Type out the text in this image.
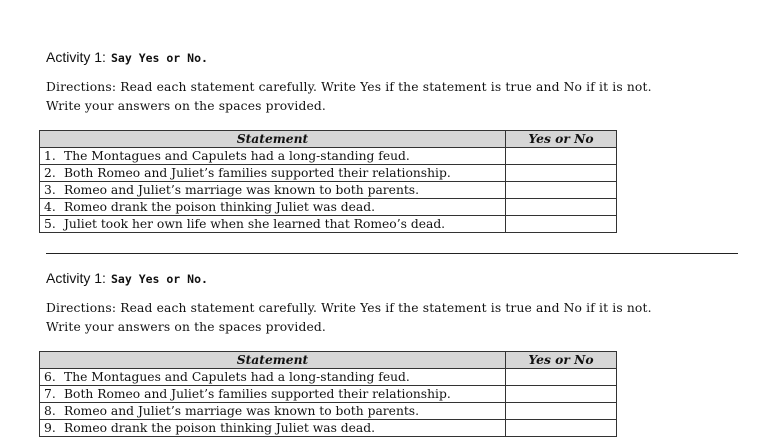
Activity 1: Say Yes or No.
Directions: Read each statement carefully. Write Yes if the statement is true and No if it is not.
Write your answers on the spaces provided.
Statement	Yes or No
1. The Montagues and Capulets had a long-standing feud.	
2. Both Romeo and Juliet’s families supported their relationship.	
3. Romeo and Juliet’s marriage was known to both parents.	
4. Romeo drank the poison thinking Juliet was dead.	
5. Juliet took her own life when she learned that Romeo’s dead.	
Activity 1: Say Yes or No.
Directions: Read each statement carefully. Write Yes if the statement is true and No if it is not.
Write your answers on the spaces provided.
Statement	Yes or No
6. The Montagues and Capulets had a long-standing feud.	
7. Both Romeo and Juliet’s families supported their relationship.	
8. Romeo and Juliet’s marriage was known to both parents.	
9. Romeo drank the poison thinking Juliet was dead.	
